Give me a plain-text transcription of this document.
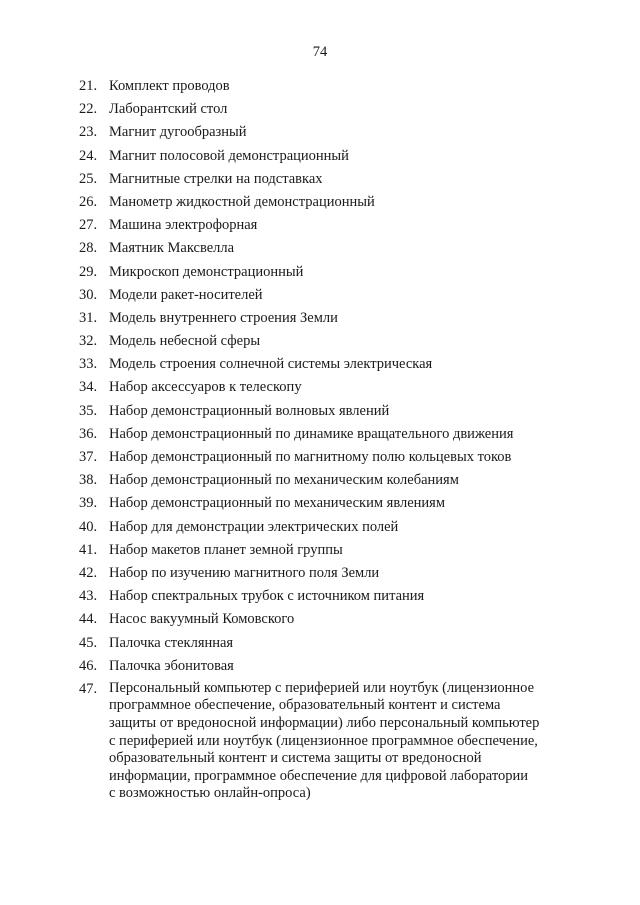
74
21. Комплект проводов
22. Лаборантский стол
23. Магнит дугообразный
24. Магнит полосовой демонстрационный
25. Магнитные стрелки на подставках
26. Манометр жидкостной демонстрационный
27. Машина электрофорная
28. Маятник Максвелла
29. Микроскоп демонстрационный
30. Модели ракет-носителей
31. Модель внутреннего строения Земли
32. Модель небесной сферы
33. Модель строения солнечной системы электрическая
34. Набор аксессуаров к телескопу
35. Набор демонстрационный волновых явлений
36. Набор демонстрационный по динамике вращательного движения
37. Набор демонстрационный по магнитному полю кольцевых токов
38. Набор демонстрационный по механическим колебаниям
39. Набор демонстрационный по механическим явлениям
40. Набор для демонстрации электрических полей
41. Набор макетов планет земной группы
42. Набор по изучению магнитного поля Земли
43. Набор спектральных трубок с источником питания
44. Насос вакуумный Комовского
45. Палочка стеклянная
46. Палочка эбонитовая
47. Персональный компьютер с периферией или ноутбук (лицензионное
программное обеспечение, образовательный контент и система
защиты от вредоносной информации) либо персональный компьютер
с периферией или ноутбук (лицензионное программное обеспечение,
образовательный контент и система защиты от вредоносной
информации, программное обеспечение для цифровой лаборатории
с возможностью онлайн-опроса)
